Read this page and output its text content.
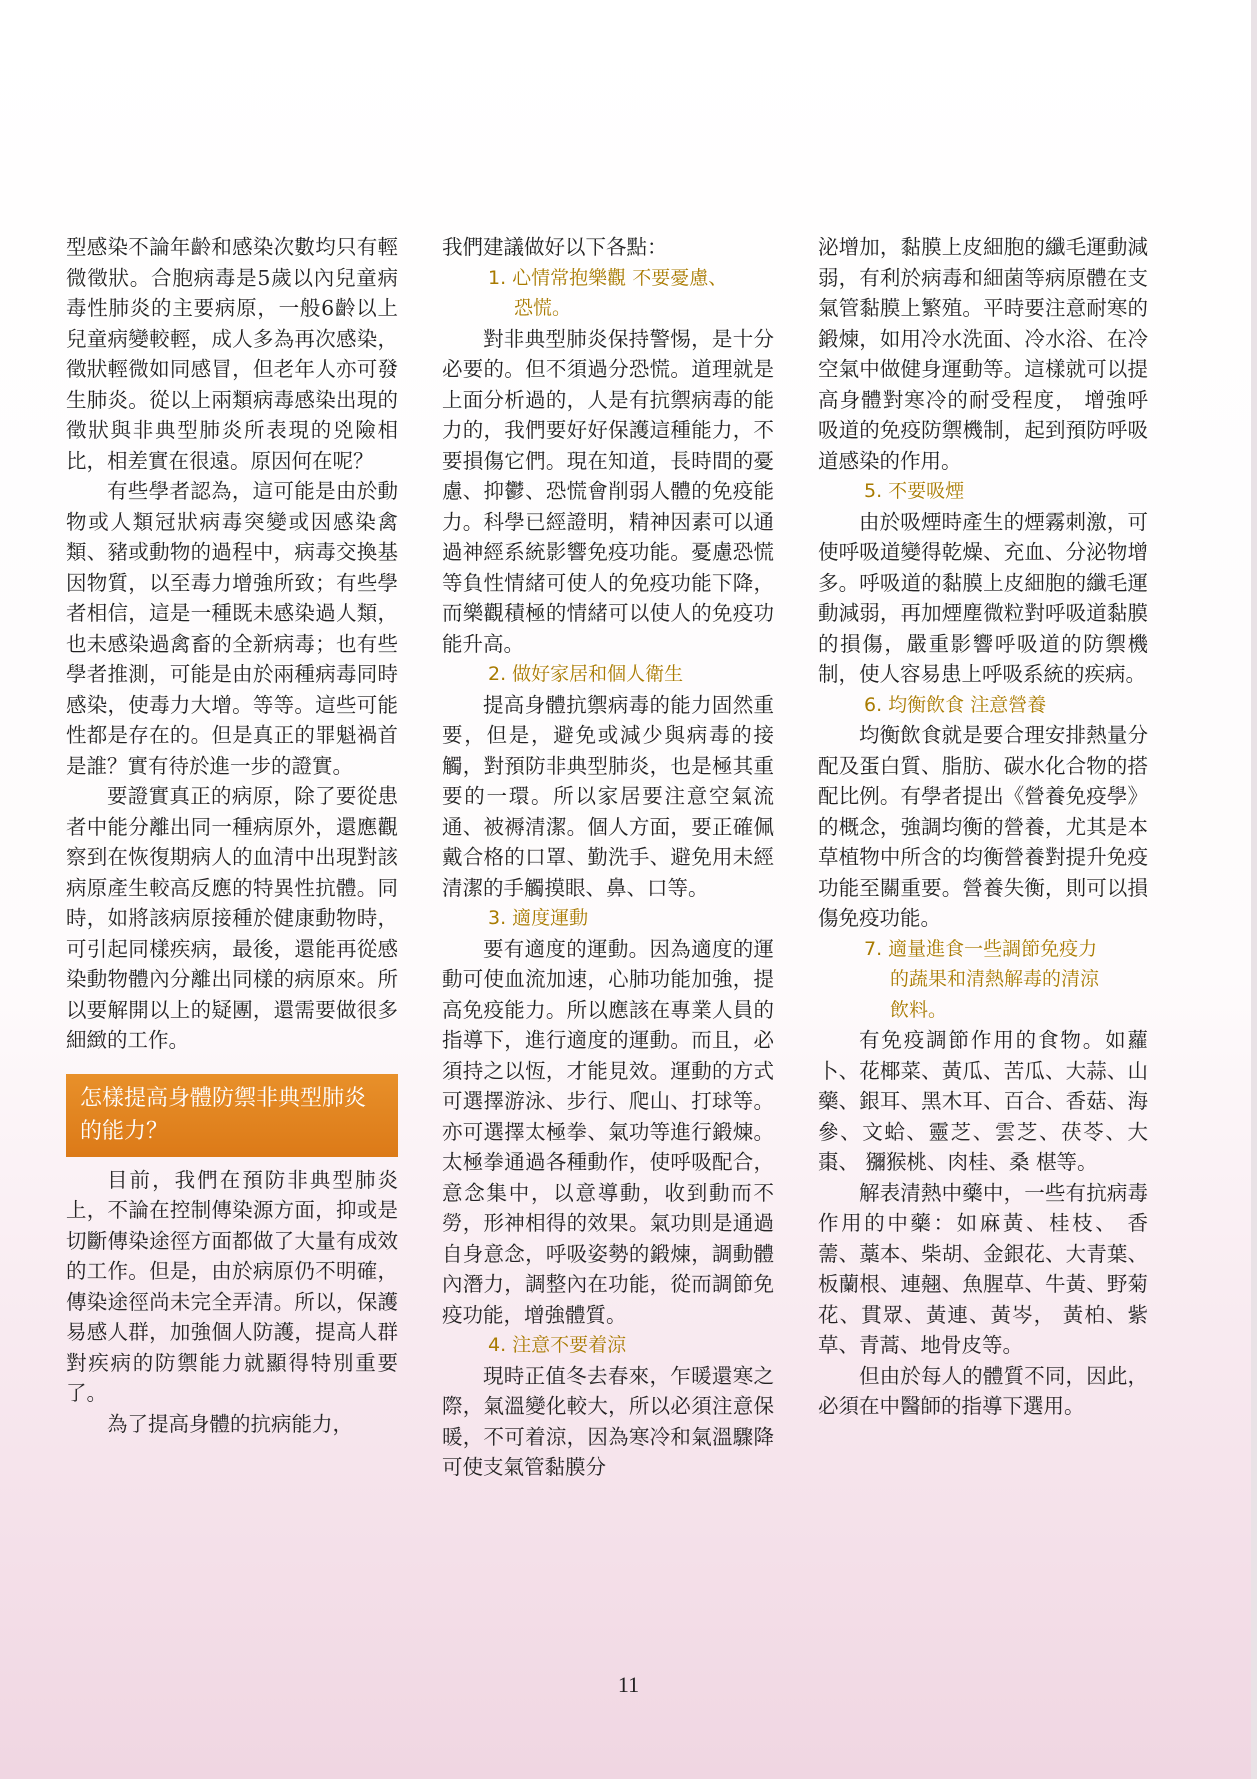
型感染不論年齡和感染次數均只有輕微徵狀。合胞病毒是5歲以內兒童病毒性肺炎的主要病原，一般6齡以上兒童病變較輕，成人多為再次感染，徵狀輕微如同感冒，但老年人亦可發生肺炎。從以上兩類病毒感染出現的徵狀與非典型肺炎所表現的兇險相比，相差實在很遠。原因何在呢？

有些學者認為，這可能是由於動物或人類冠狀病毒突變或因感染禽類、豬或動物的過程中，病毒交換基因物質，以至毒力增強所致；有些學者相信，這是一種既未感染過人類，也未感染過禽畜的全新病毒；也有些學者推測，可能是由於兩種病毒同時感染，使毒力大增。等等。這些可能性都是存在的。但是真正的罪魁禍首是誰？實有待於進一步的證實。

要證實真正的病原，除了要從患者中能分離出同一種病原外，還應觀察到在恢復期病人的血清中出現對該病原產生較高反應的特異性抗體。同時，如將該病原接種於健康動物時，可引起同樣疾病，最後，還能再從感染動物體內分離出同樣的病原來。所以要解開以上的疑團，還需要做很多細緻的工作。

怎樣提高身體防禦非典型肺炎的能力？

目前，我們在預防非典型肺炎上，不論在控制傳染源方面，抑或是切斷傳染途徑方面都做了大量有成效的工作。但是，由於病原仍不明確，傳染途徑尚未完全弄清。所以，保護易感人群，加強個人防護，提高人群對疾病的防禦能力就顯得特別重要了。

為了提高身體的抗病能力，

我們建議做好以下各點：

1. 心情常抱樂觀 不要憂慮、
恐慌。

對非典型肺炎保持警惕，是十分必要的。但不須過分恐慌。道理就是上面分析過的，人是有抗禦病毒的能力的，我們要好好保護這種能力，不要損傷它們。現在知道，長時間的憂慮、抑鬱、恐慌會削弱人體的免疫能力。科學已經證明，精神因素可以通過神經系統影響免疫功能。憂慮恐慌等負性情緒可使人的免疫功能下降，而樂觀積極的情緒可以使人的免疫功能升高。

2. 做好家居和個人衛生

提高身體抗禦病毒的能力固然重要，但是，避免或減少與病毒的接觸，對預防非典型肺炎，也是極其重要的一環。所以家居要注意空氣流通、被褥清潔。個人方面，要正確佩戴合格的口罩、勤洗手、避免用未經清潔的手觸摸眼、鼻、口等。

3. 適度運動

要有適度的運動。因為適度的運動可使血流加速，心肺功能加強，提高免疫能力。所以應該在專業人員的指導下，進行適度的運動。而且，必須持之以恆，才能見效。運動的方式可選擇游泳、步行、爬山、打球等。亦可選擇太極拳、氣功等進行鍛煉。太極拳通過各種動作，使呼吸配合，意念集中，以意導動，收到動而不勞，形神相得的效果。氣功則是通過自身意念，呼吸姿勢的鍛煉，調動體內潛力，調整內在功能，從而調節免疫功能，增強體質。

4. 注意不要着涼

現時正值冬去春來，乍暖還寒之際，氣溫變化較大，所以必須注意保暖，不可着涼，因為寒冷和氣溫驟降可使支氣管黏膜分

泌增加，黏膜上皮細胞的纖毛運動減弱，有利於病毒和細菌等病原體在支氣管黏膜上繁殖。平時要注意耐寒的鍛煉，如用冷水洗面、冷水浴、在冷空氣中做健身運動等。這樣就可以提高身體對寒冷的耐受程度， 增強呼吸道的免疫防禦機制，起到預防呼吸道感染的作用。

5. 不要吸煙

由於吸煙時產生的煙霧刺激，可使呼吸道變得乾燥、充血、分泌物增多。呼吸道的黏膜上皮細胞的纖毛運動減弱，再加煙塵微粒對呼吸道黏膜的損傷，嚴重影響呼吸道的防禦機制，使人容易患上呼吸系統的疾病。

6. 均衡飲食 注意營養

均衡飲食就是要合理安排熱量分配及蛋白質、脂肪、碳水化合物的搭配比例。有學者提出《營養免疫學》的概念，強調均衡的營養，尤其是本草植物中所含的均衡營養對提升免疫功能至關重要。營養失衡，則可以損傷免疫功能。

7. 適量進食一些調節免疫力
的蔬果和清熱解毒的清涼
飲料。

有免疫調節作用的食物。如蘿卜、花椰菜、黃瓜、苦瓜、大蒜、山藥、銀耳、黑木耳、百合、香菇、海參、文蛤、靈芝、雲芝、茯苓、大棗、 獼猴桃、肉桂、桑 椹等。

解表清熱中藥中，一些有抗病毒作用的中藥：如麻黃、桂枝、 香薷、藁本、柴胡、金銀花、大青葉、板蘭根、連翹、魚腥草、牛黃、野菊花、貫眾、黃連、黃岑， 黃柏、紫草、青蒿、地骨皮等。

但由於每人的體質不同，因此，必須在中醫師的指導下選用。

11
